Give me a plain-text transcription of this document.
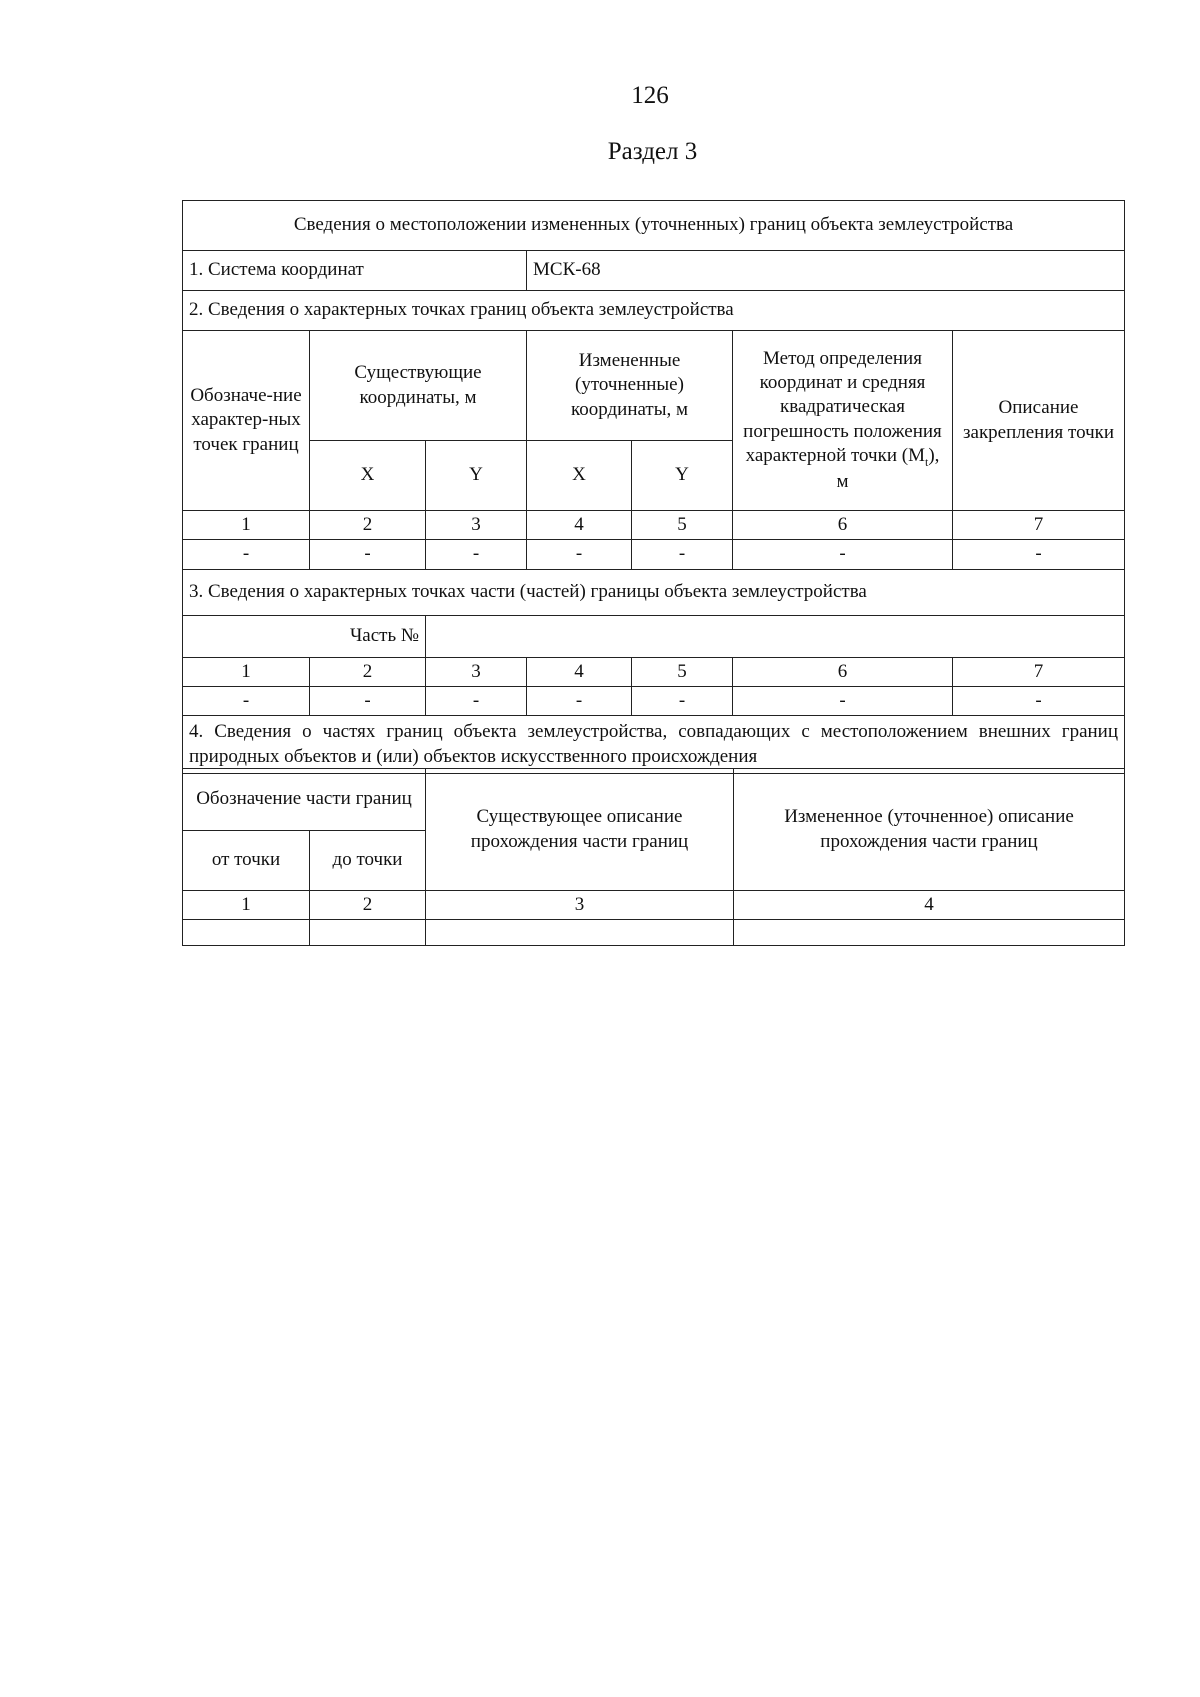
126
Раздел 3
Сведения о местоположении измененных (уточненных) границ объекта землеустройства						
1. Система координат			МСК-68			
2. Сведения о характерных точках границ объекта землеустройства						
Обозначе-ние характер-ных точек границ	Существующие координаты, м		Измененные (уточненные) координаты, м		Метод определения координат и средняя квадратическая погрешность положения характерной точки $(M_t)$, м	Описание закрепления точки
	X	Y	X	Y		
1	2	3	4	5	6	7
-	-	-	-	-	-	-
3. Сведения о характерных точках части (частей) границы объекта землеустройства						
Часть №						
1	2	3	4	5	6	7
-	-	-	-	-	-	-
4. Сведения о частях границ объекта землеустройства, совпадающих с местоположением внешних границ природных объектов и (или) объектов искусственного происхождения						
Обозначение части границ		Существующее описание прохождения части границ	Измененное (уточненное) описание прохождения части границ
от точки	до точки		
1	2	3	4
